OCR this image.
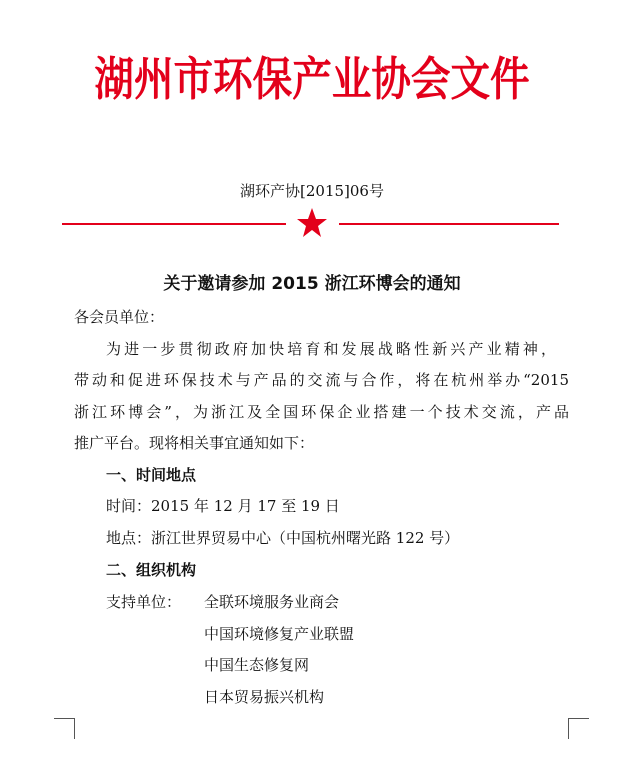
湖州市环保产业协会文件
湖环产协[2015]06号
关于邀请参加 2015 浙江环博会的通知
各会员单位：
为进一步贯彻政府加快培育和发展战略性新兴产业精神，
带动和促进环保技术与产品的交流与合作，将在杭州举办“2015
浙江环博会”，为浙江及全国环保企业搭建一个技术交流，产品
推广平台。现将相关事宜通知如下：
一、时间地点
时间：2015 年 12 月 17 至 19 日
地点：浙江世界贸易中心（中国杭州曙光路 122 号）
二、组织机构
支持单位： 全联环境服务业商会
中国环境修复产业联盟
中国生态修复网
日本贸易振兴机构
